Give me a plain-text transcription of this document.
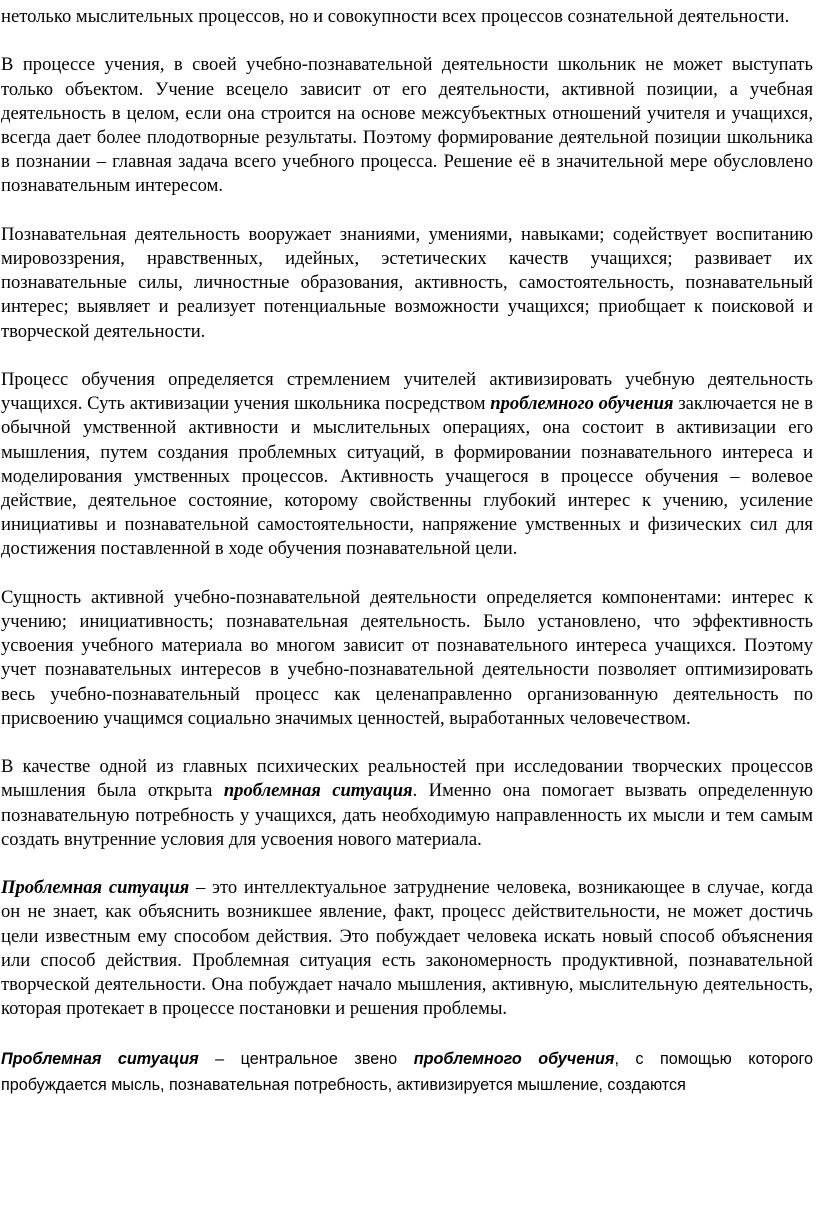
нетолько мыслительных процессов, но и совокупности всех процессов сознательной деятельности.

В процессе учения, в своей учебно-познавательной деятельности школьник не может выступать только объектом. Учение всецело зависит от его деятельности, активной позиции, а учебная деятельность в целом, если она строится на основе межсубъектных отношений учителя и учащихся, всегда дает более плодотворные результаты. Поэтому формирование деятельной позиции школьника в познании – главная задача всего учебного процесса. Решение её в значительной мере обусловлено познавательным интересом.

Познавательная деятельность вооружает знаниями, умениями, навыками; содействует воспитанию мировоззрения, нравственных, идейных, эстетических качеств учащихся; развивает их познавательные силы, личностные образования, активность, самостоятельность, познавательный интерес; выявляет и реализует потенциальные возможности учащихся; приобщает к поисковой и творческой деятельности.

Процесс обучения определяется стремлением учителей активизировать учебную деятельность учащихся. Суть активизации учения школьника посредством проблемного обучения заключается не в обычной умственной активности и мыслительных операциях, она состоит в активизации его мышления, путем создания проблемных ситуаций, в формировании познавательного интереса и моделирования умственных процессов. Активность учащегося в процессе обучения – волевое действие, деятельное состояние, которому свойственны глубокий интерес к учению, усиление инициативы и познавательной самостоятельности, напряжение умственных и физических сил для достижения поставленной в ходе обучения познавательной цели.

Сущность активной учебно-познавательной деятельности определяется компонентами: интерес к учению; инициативность; познавательная деятельность. Было установлено, что эффективность усвоения учебного материала во многом зависит от познавательного интереса учащихся. Поэтому учет познавательных интересов в учебно-познавательной деятельности позволяет оптимизировать весь учебно-познавательный процесс как целенаправленно организованную деятельность по присвоению учащимся социально значимых ценностей, выработанных человечеством.

В качестве одной из главных психических реальностей при исследовании творческих процессов мышления была открыта проблемная ситуация. Именно она помогает вызвать определенную познавательную потребность у учащихся, дать необходимую направленность их мысли и тем самым создать внутренние условия для усвоения нового материала.

Проблемная ситуация – это интеллектуальное затруднение человека, возникающее в случае, когда он не знает, как объяснить возникшее явление, факт, процесс действительности, не может достичь цели известным ему способом действия. Это побуждает человека искать новый способ объяснения или способ действия. Проблемная ситуация есть закономерность продуктивной, познавательной творческой деятельности. Она побуждает начало мышления, активную, мыслительную деятельность, которая протекает в процессе постановки и решения проблемы.

Проблемная ситуация – центральное звено проблемного обучения, с помощью которого пробуждается мысль, познавательная потребность, активизируется мышление, создаются
